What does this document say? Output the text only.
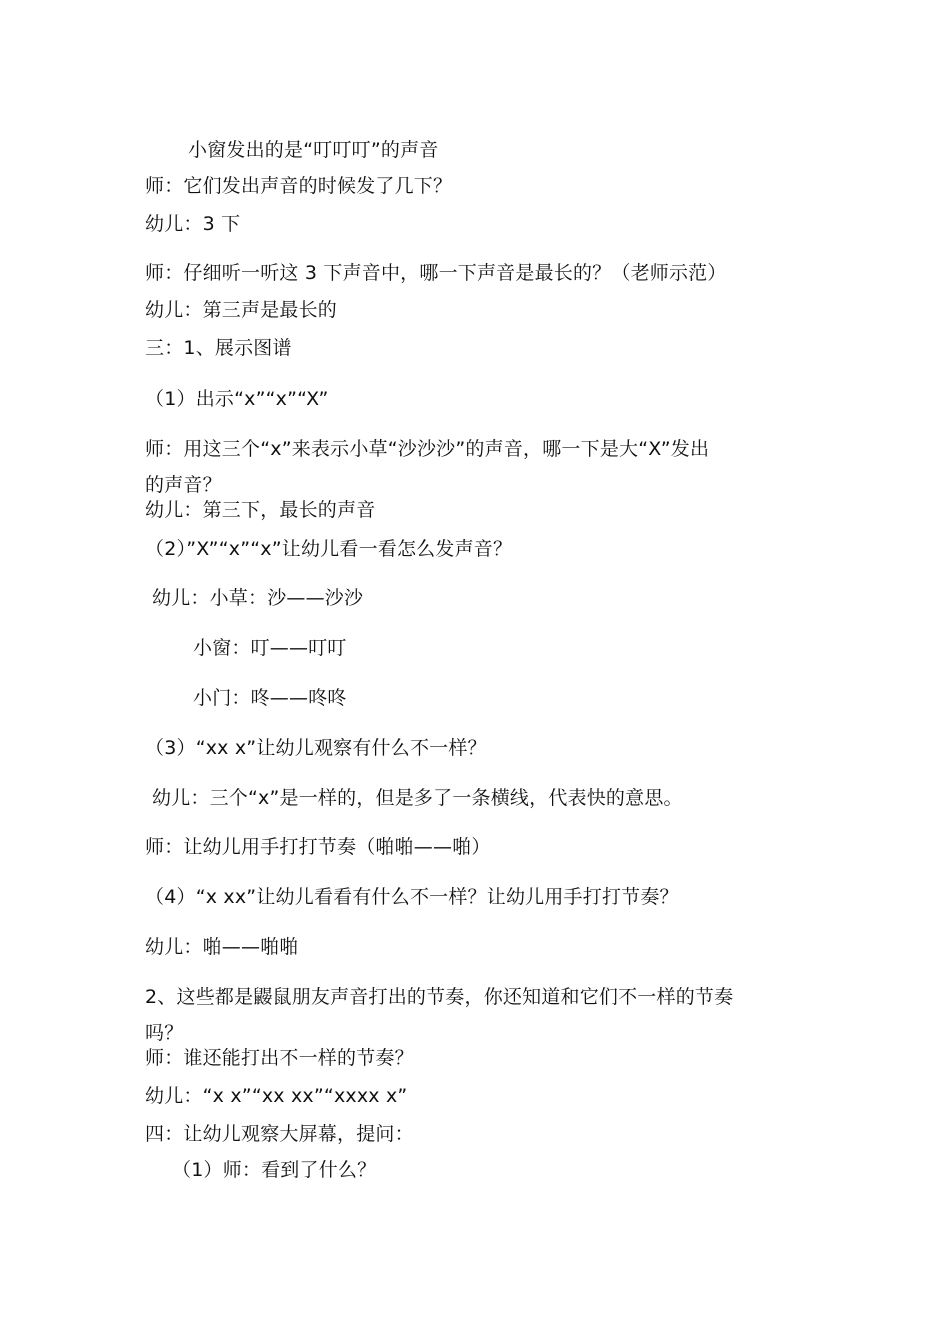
小窗发出的是“叮叮叮”的声音
师：它们发出声音的时候发了几下？
幼儿：3 下
师：仔细听一听这 3 下声音中，哪一下声音是最长的？（老师示范）
幼儿：第三声是最长的
三：1、展示图谱
（1）出示“x”“x”“X”
师：用这三个“x”来表示小草“沙沙沙”的声音，哪一下是大“X”发出
的声音？
幼儿：第三下，最长的声音
（2）”X”“x”“x”让幼儿看一看怎么发声音？
幼儿：小草：沙——沙沙
小窗：叮——叮叮
小门：咚——咚咚
（3）“xx x”让幼儿观察有什么不一样？
幼儿：三个“x”是一样的，但是多了一条横线，代表快的意思。
师：让幼儿用手打打节奏（啪啪——啪）
（4）“x xx”让幼儿看看有什么不一样？让幼儿用手打打节奏？
幼儿：啪——啪啪
2、这些都是鼹鼠朋友声音打出的节奏，你还知道和它们不一样的节奏
吗？
师：谁还能打出不一样的节奏？
幼儿：“x x”“xx xx”“xxxx x”
四：让幼儿观察大屏幕，提问：
（1）师：看到了什么？
